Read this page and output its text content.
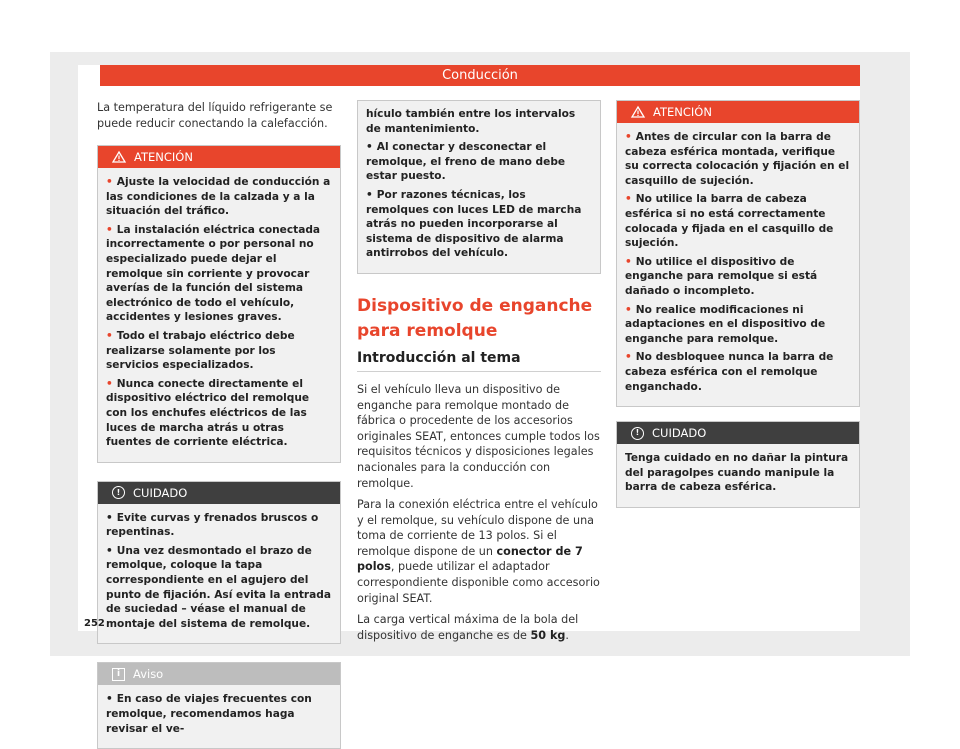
Conducción

La temperatura del líquido refrigerante se puede reducir conectando la calefacción.

ATENCIÓN

• Ajuste la velocidad de conducción a las condiciones de la calzada y a la situación del tráfico.

• La instalación eléctrica conectada incorrectamente o por personal no especializado puede dejar el remolque sin corriente y provocar averías de la función del sistema electrónico de todo el vehículo, accidentes y lesiones graves.

• Todo el trabajo eléctrico debe realizarse solamente por los servicios especializados.

• Nunca conecte directamente el dispositivo eléctrico del remolque con los enchufes eléctricos de las luces de marcha atrás u otras fuentes de corriente eléctrica.

!	CUIDADO

• Evite curvas y frenados bruscos o repentinas.

• Una vez desmontado el brazo de remolque, coloque la tapa correspondiente en el agujero del punto de fijación. Así evita la entrada de suciedad – véase el manual de montaje del sistema de remolque.

i	Aviso

• En caso de viajes frecuentes con remolque, recomendamos haga revisar el ve-

hículo también entre los intervalos de mantenimiento.

• Al conectar y desconectar el remolque, el freno de mano debe estar puesto.

• Por razones técnicas, los remolques con luces LED de marcha atrás no pueden incorporarse al sistema de dispositivo de alarma antirrobos del vehículo.

Dispositivo de enganche para remolque
Introducción al tema

Si el vehículo lleva un dispositivo de enganche para remolque montado de fábrica o procedente de los accesorios originales SEAT, entonces cumple todos los requisitos técnicos y disposiciones legales nacionales para la conducción con remolque.

Para la conexión eléctrica entre el vehículo y el remolque, su vehículo dispone de una toma de corriente de 13 polos. Si el remolque dispone de un conector de 7 polos, puede utilizar el adaptador correspondiente disponible como accesorio original SEAT.

La carga vertical máxima de la bola del dispositivo de enganche es de 50 kg.

ATENCIÓN

• Antes de circular con la barra de cabeza esférica montada, verifique su correcta colocación y fijación en el casquillo de sujeción.

• No utilice la barra de cabeza esférica si no está correctamente colocada y fijada en el casquillo de sujeción.

• No utilice el dispositivo de enganche para remolque si está dañado o incompleto.

• No realice modificaciones ni adaptaciones en el dispositivo de enganche para remolque.

• No desbloquee nunca la barra de cabeza esférica con el remolque enganchado.

!	CUIDADO

Tenga cuidado en no dañar la pintura del paragolpes cuando manipule la barra de cabeza esférica.

252
